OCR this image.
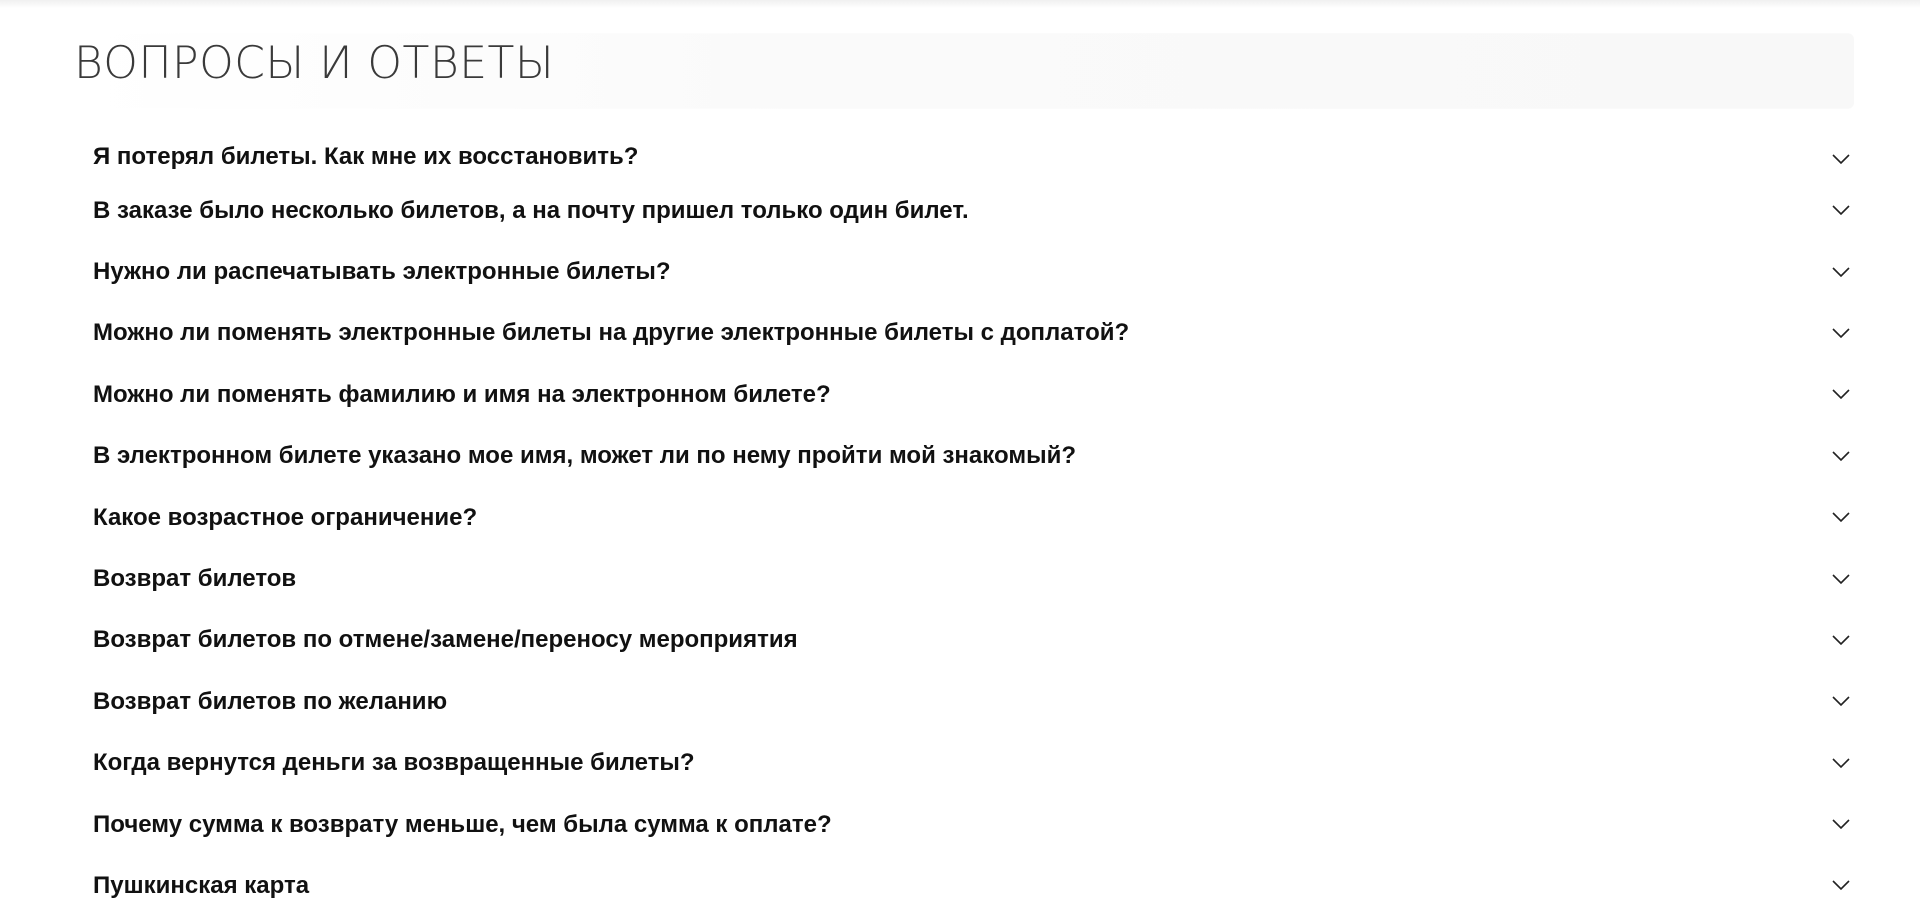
ВОПРОСЫ И ОТВЕТЫ
Я потерял билеты. Как мне их восстановить?
В заказе было несколько билетов, а на почту пришел только один билет.
Нужно ли распечатывать электронные билеты?
Можно ли поменять электронные билеты на другие электронные билеты с доплатой?
Можно ли поменять фамилию и имя на электронном билете?
В электронном билете указано мое имя, может ли по нему пройти мой знакомый?
Какое возрастное ограничение?
Возврат билетов
Возврат билетов по отмене/замене/переносу мероприятия
Возврат билетов по желанию
Когда вернутся деньги за возвращенные билеты?
Почему сумма к возврату меньше, чем была сумма к оплате?
Пушкинская карта
